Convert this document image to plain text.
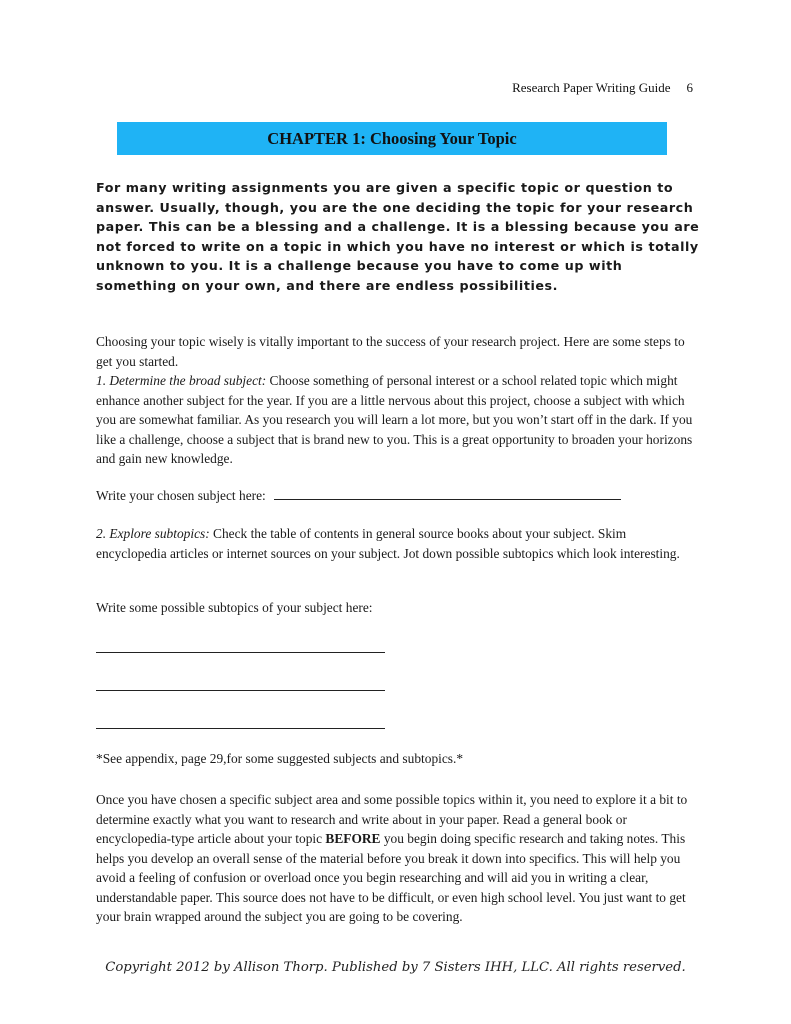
Research Paper Writing Guide 6
CHAPTER 1: Choosing Your Topic

For many writing assignments you are given a specific topic or question to answer. Usually, though, you are the one deciding the topic for your research paper. This can be a blessing and a challenge. It is a blessing because you are not forced to write on a topic in which you have no interest or which is totally unknown to you. It is a challenge because you have to come up with something on your own, and there are endless possibilities.

Choosing your topic wisely is vitally important to the success of your research project. Here are some steps to get you started.
1. Determine the broad subject: Choose something of personal interest or a school related topic which might enhance another subject for the year. If you are a little nervous about this project, choose a subject with which you are somewhat familiar. As you research you will learn a lot more, but you won’t start off in the dark. If you like a challenge, choose a subject that is brand new to you. This is a great opportunity to broaden your horizons and gain new knowledge.

Write your chosen subject here:

2. Explore subtopics: Check the table of contents in general source books about your subject. Skim encyclopedia articles or internet sources on your subject. Jot down possible subtopics which look interesting.

Write some possible subtopics of your subject here:
*See appendix, page 29,for some suggested subjects and subtopics.*

Once you have chosen a specific subject area and some possible topics within it, you need to explore it a bit to determine exactly what you want to research and write about in your paper. Read a general book or encyclopedia-type article about your topic BEFORE you begin doing specific research and taking notes. This helps you develop an overall sense of the material before you break it down into specifics. This will help you avoid a feeling of confusion or overload once you begin researching and will aid you in writing a clear, understandable paper. This source does not have to be difficult, or even high school level. You just want to get your brain wrapped around the subject you are going to be covering.

Copyright 2012 by Allison Thorp. Published by 7 Sisters IHH, LLC. All rights reserved.
